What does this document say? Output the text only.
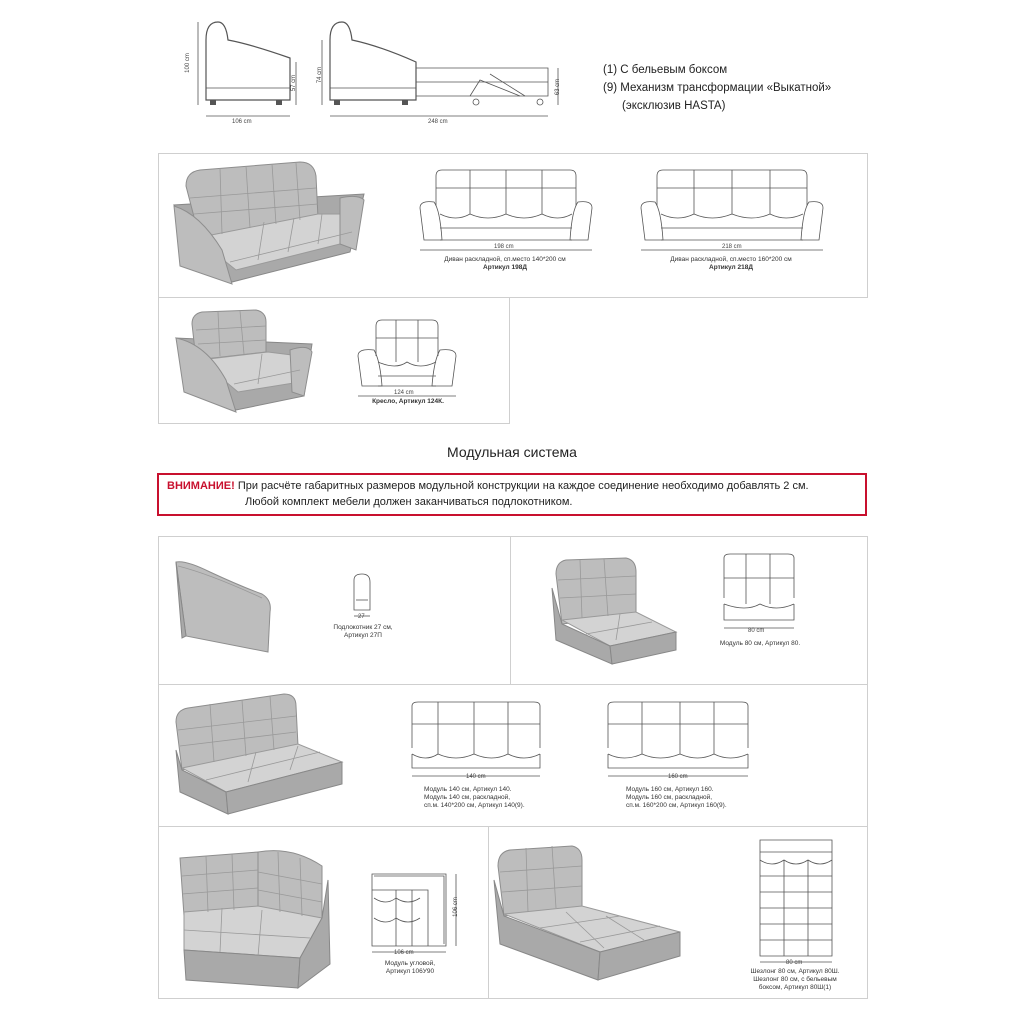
100 cm
57 cm
106 cm
74 cm
248 cm
63 cm
(1) С бельевым боксом
(9) Механизм трансформации «Выкатной»
(эксклюзив HASTA)
198 cm
Диван раскладной, сп.место 140*200 см
Артикул 198Д
218 cm
Диван раскладной, сп.место 160*200 см
Артикул 218Д
124 cm
Кресло, Артикул 124К.
Модульная система
ВНИМАНИЕ! При расчёте габаритных размеров модульной конструкции на каждое соединение необходимо добавлять 2 см.
Любой комплект мебели должен заканчиваться подлокотником.
27
Подлокотник 27 см,
Артикул 27П
80 cm
Модуль 80 см, Артикул 80.
140 cm
Модуль 140 см, Артикул 140.
Модуль 140 см, раскладной,
сп.м. 140*200 см, Артикул 140(9).
160 cm
Модуль 160 см, Артикул 160.
Модуль 160 см, раскладной,
сп.м. 160*200 см, Артикул 160(9).
106 cm
106 cm
Модуль угловой,
Артикул 106У90
80 cm
Шезлонг 80 см, Артикул 80Ш.
Шезлонг 80 см, с бельевым
боксом, Артикул 80Ш(1)
